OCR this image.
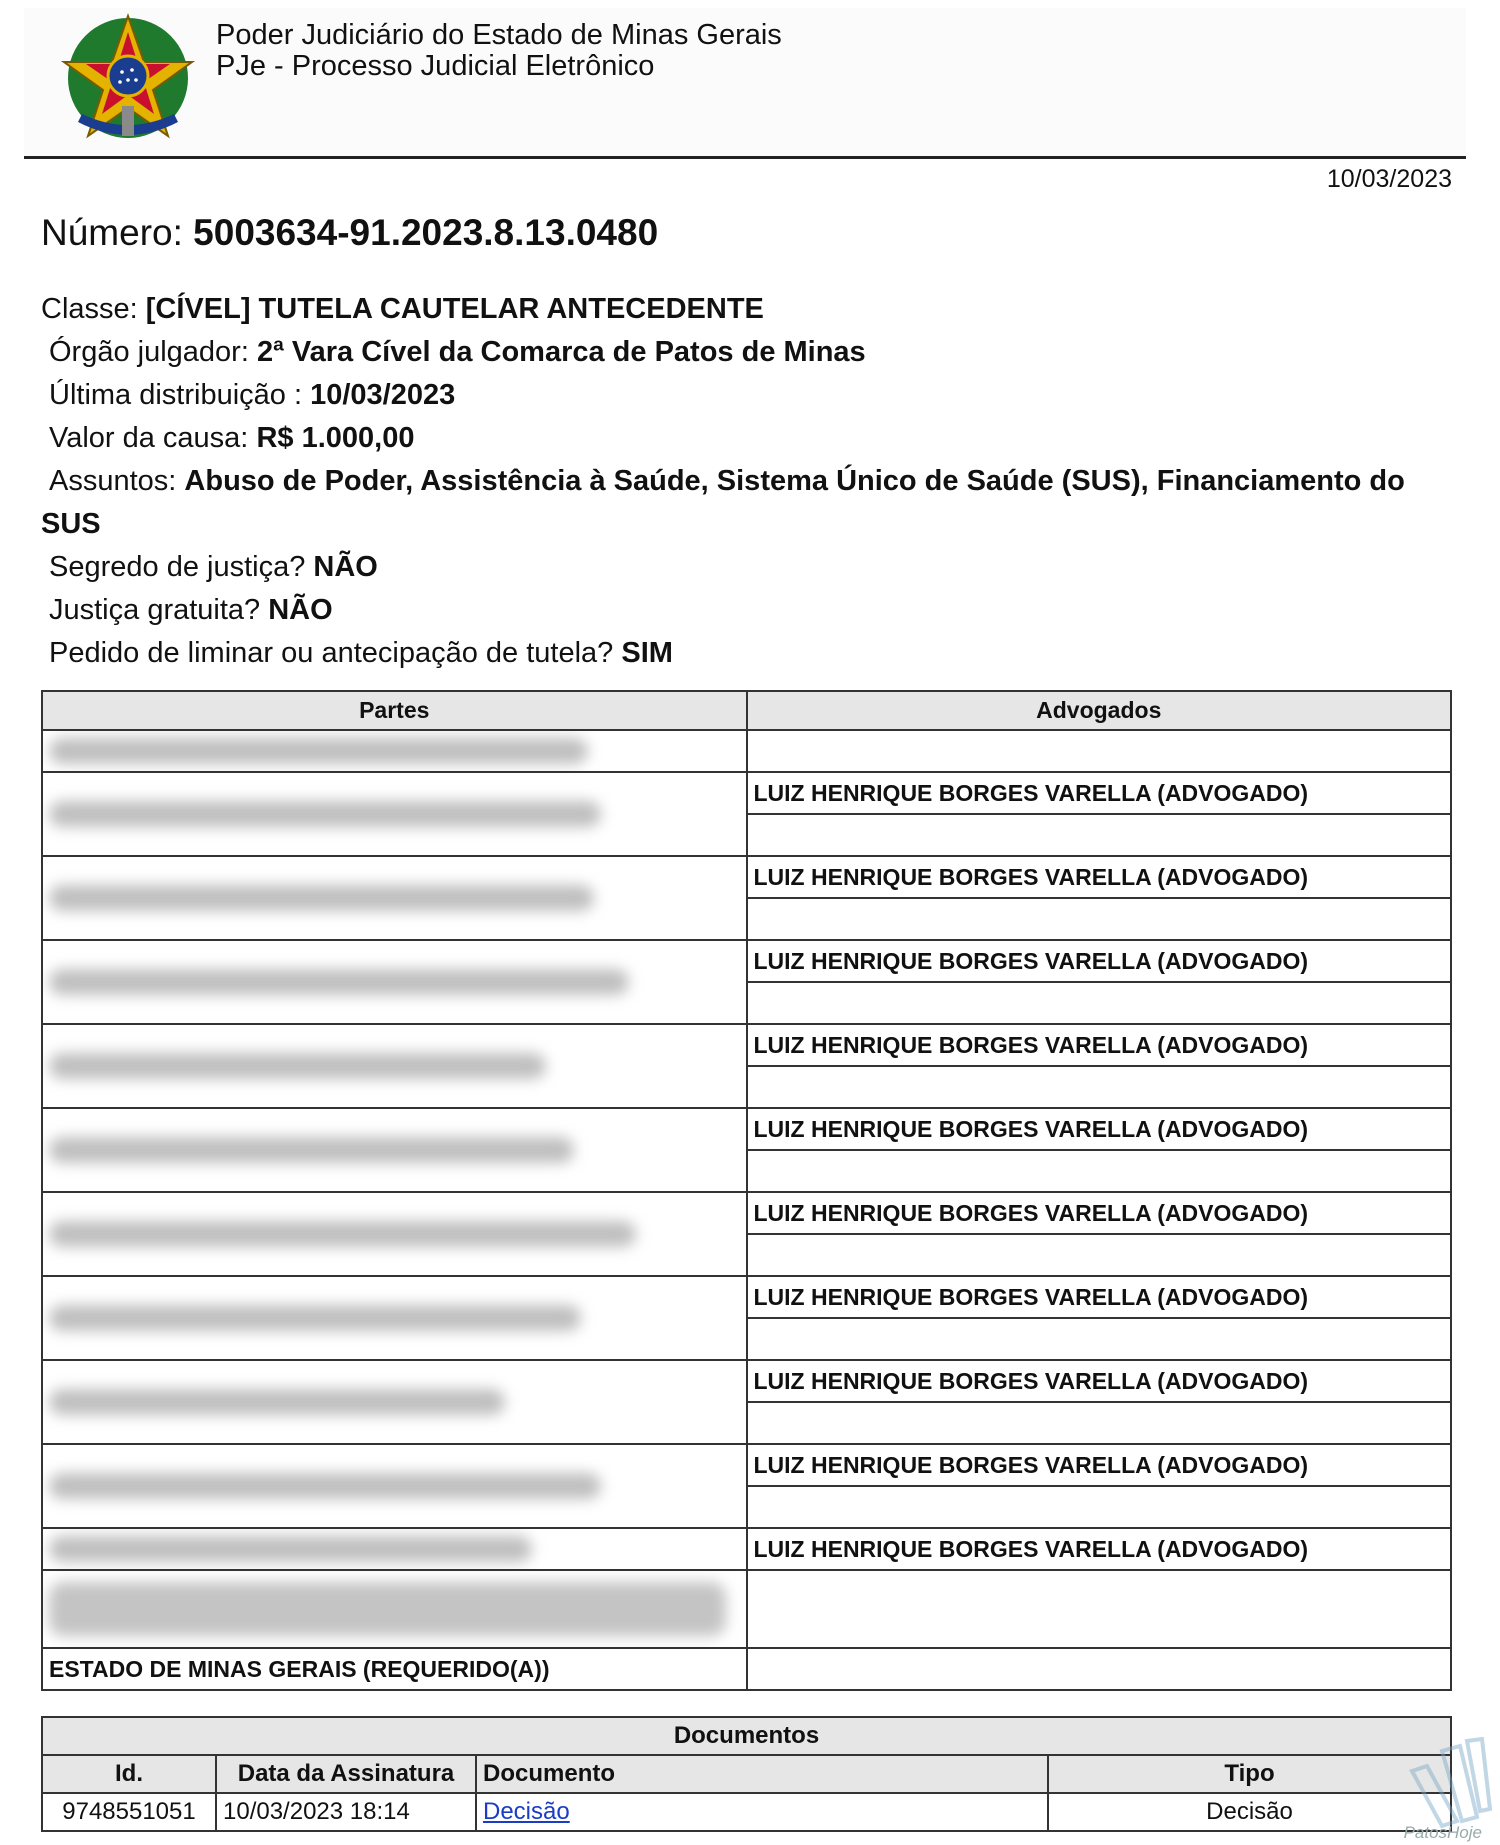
Poder Judiciário do Estado de Minas Gerais
PJe - Processo Judicial Eletrônico
10/03/2023
Número: 5003634-91.2023.8.13.0480
Classe: [CÍVEL] TUTELA CAUTELAR ANTECEDENTE
Órgão julgador: 2ª Vara Cível da Comarca de Patos de Minas
Última distribuição : 10/03/2023
Valor da causa: R$ 1.000,00
Assuntos: Abuso de Poder, Assistência à Saúde, Sistema Único de Saúde (SUS), Financiamento do SUS
Segredo de justiça? NÃO
Justiça gratuita? NÃO
Pedido de liminar ou antecipação de tutela? SIM
Partes	Advogados

	LUIZ HENRIQUE BORGES VARELLA (ADVOGADO)

	LUIZ HENRIQUE BORGES VARELLA (ADVOGADO)

	LUIZ HENRIQUE BORGES VARELLA (ADVOGADO)

	LUIZ HENRIQUE BORGES VARELLA (ADVOGADO)

	LUIZ HENRIQUE BORGES VARELLA (ADVOGADO)

	LUIZ HENRIQUE BORGES VARELLA (ADVOGADO)

	LUIZ HENRIQUE BORGES VARELLA (ADVOGADO)

	LUIZ HENRIQUE BORGES VARELLA (ADVOGADO)

	LUIZ HENRIQUE BORGES VARELLA (ADVOGADO)

	LUIZ HENRIQUE BORGES VARELLA (ADVOGADO)

ESTADO DE MINAS GERAIS (REQUERIDO(A))	
Documentos			
Id.	Data da Assinatura	Documento	Tipo
9748551051	10/03/2023 18:14	Decisão	Decisão
PatosHoje
